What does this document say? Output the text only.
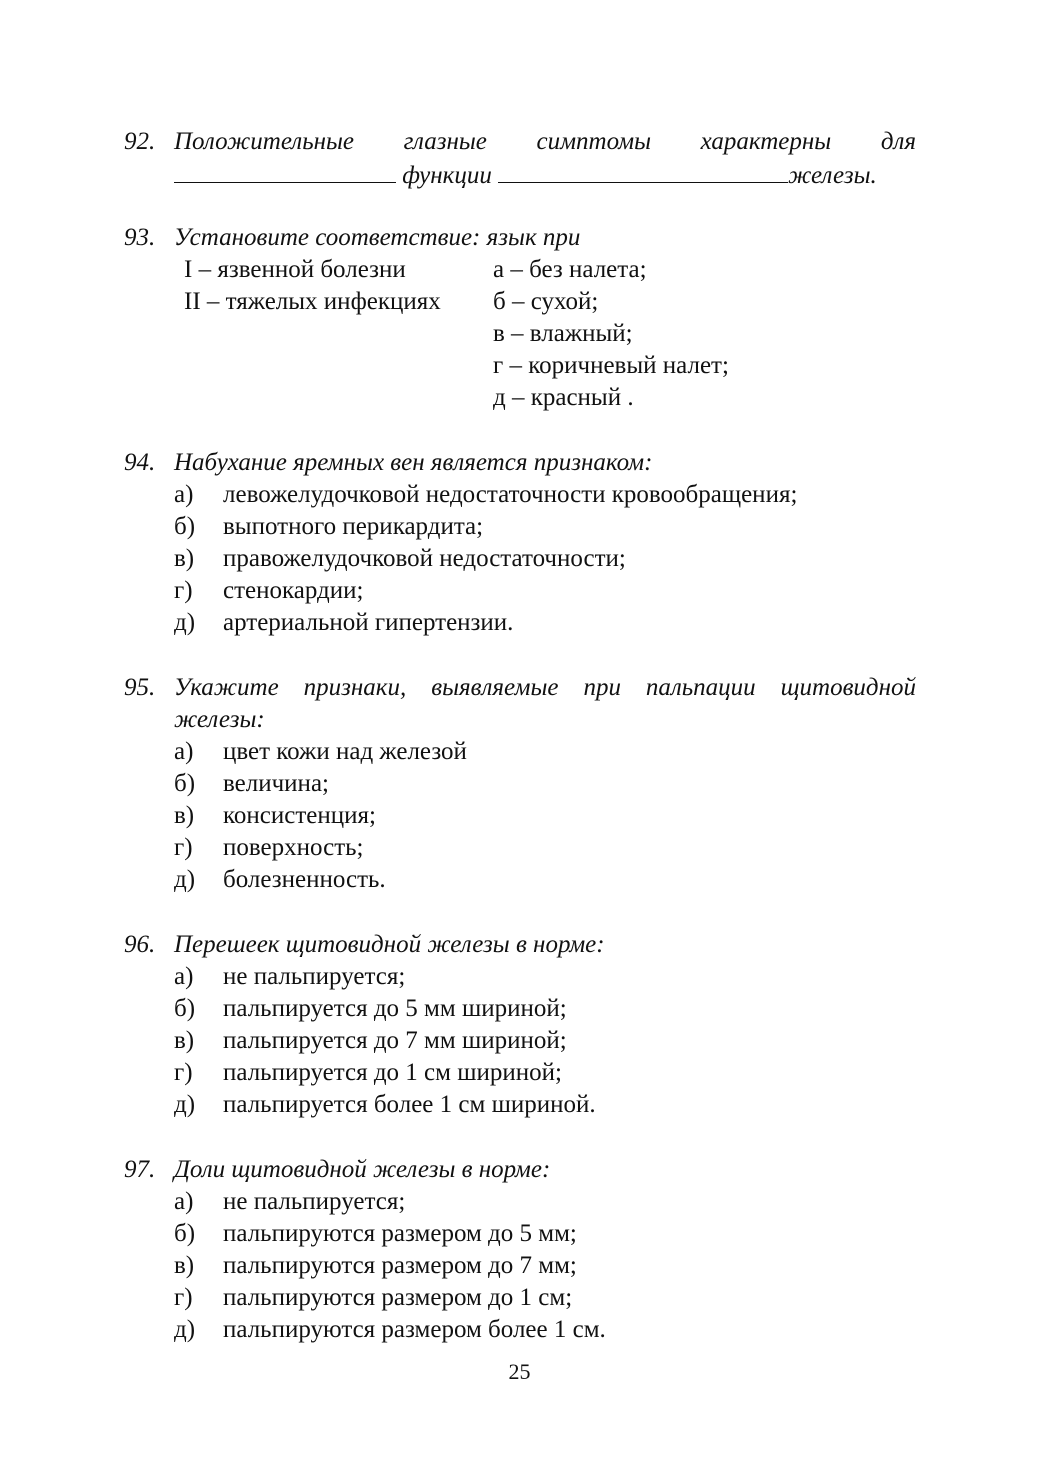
92. Положительные глазные симптомы характерны для
функции	железы.
93. Установите соответствие: язык при
I – язвенной болезни
II – тяжелых инфекциях
а – без налета;
б – сухой;
в – влажный;
г – коричневый налет;
д – красный .
94. Набухание яремных вен является признаком:
а) левожелудочковой недостаточности кровообращения;
б) выпотного перикардита;
в) правожелудочковой недостаточности;
г) стенокардии;
д) артериальной гипертензии.
95. Укажите признаки, выявляемые при пальпации щитовидной
железы:
а) цвет кожи над железой
б) величина;
в) консистенция;
г) поверхность;
д) болезненность.
96. Перешеек щитовидной железы в норме:
а) не пальпируется;
б) пальпируется до 5 мм шириной;
в) пальпируется до 7 мм шириной;
г) пальпируется до 1 см шириной;
д) пальпируется более 1 см шириной.
97. Доли щитовидной железы в норме:
а) не пальпируется;
б) пальпируются размером до 5 мм;
в) пальпируются размером до 7 мм;
г) пальпируются размером до 1 см;
д) пальпируются размером более 1 см.
25
